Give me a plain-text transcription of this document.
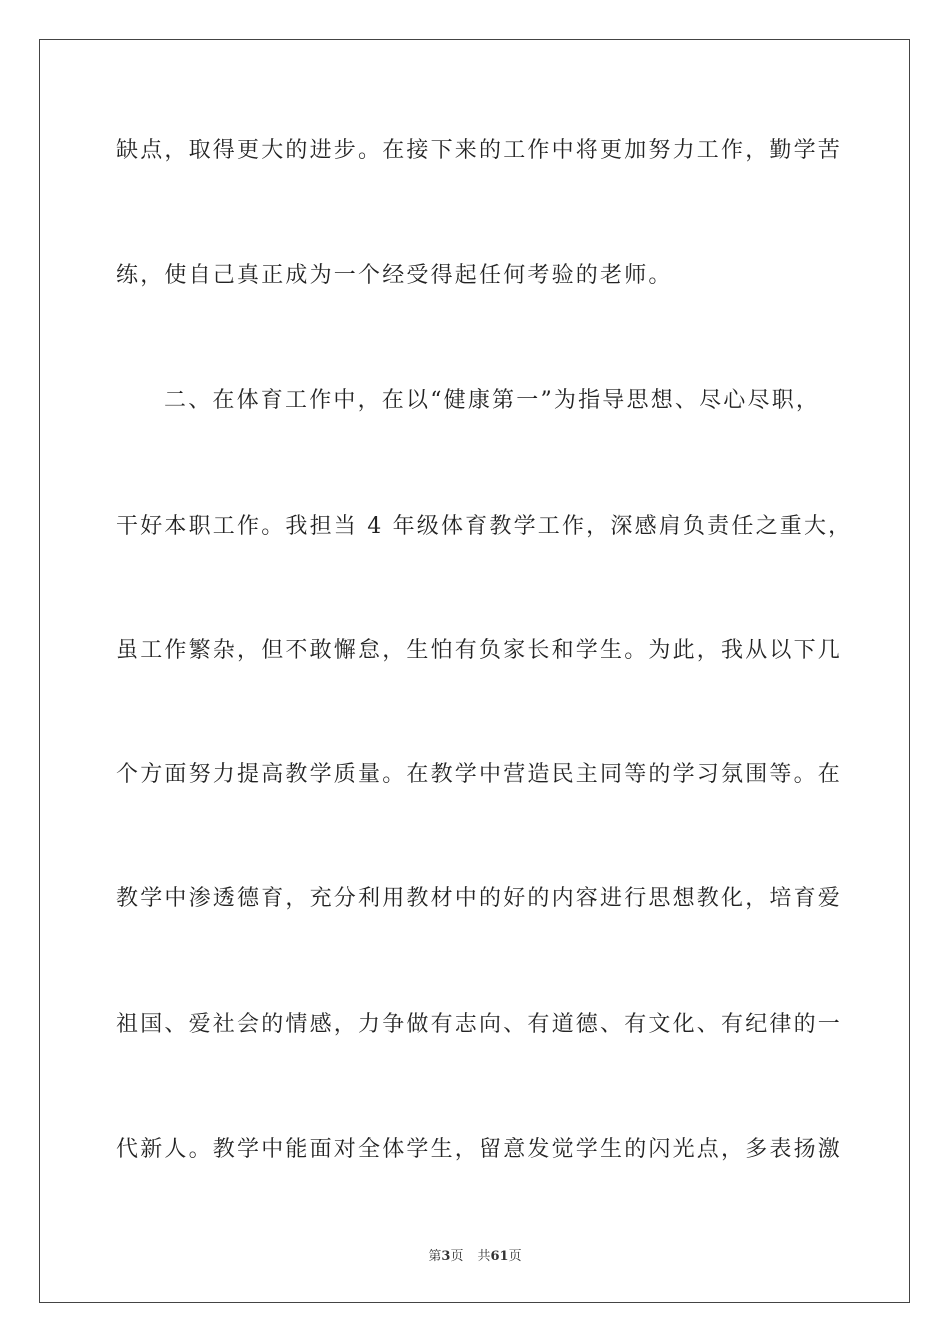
缺点，取得更大的进步。在接下来的工作中将更加努力工作，勤学苦
练，使自己真正成为一个经受得起任何考验的老师。
二、在体育工作中，在以“健康第一”为指导思想、尽心尽职，
干好本职工作。我担当 4 年级体育教学工作，深感肩负责任之重大，
虽工作繁杂，但不敢懈怠，生怕有负家长和学生。为此，我从以下几
个方面努力提高教学质量。在教学中营造民主同等的学习氛围等。在
教学中渗透德育，充分利用教材中的好的内容进行思想教化，培育爱
祖国、爱社会的情感，力争做有志向、有道德、有文化、有纪律的一
代新人。教学中能面对全体学生，留意发觉学生的闪光点，多表扬激
第3页 共61页
